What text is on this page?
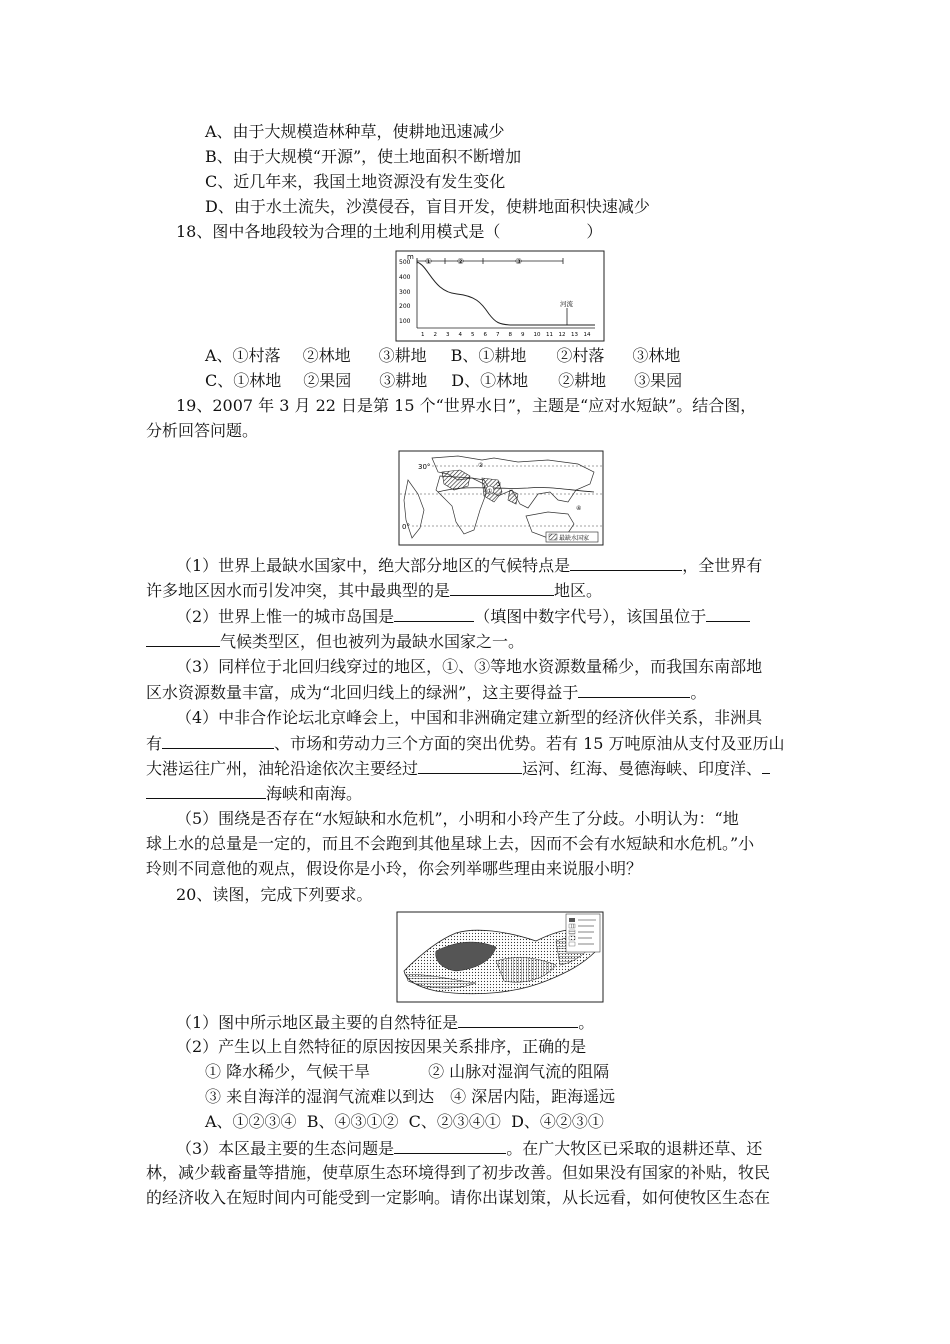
A、由于大规模造林种草，使耕地迅速减少
B、由于大规模“开源”，使土地面积不断增加
C、近几年来，我国土地资源没有发生变化
D、由于水土流失，沙漠侵吞，盲目开发，使耕地面积快速减少
18、图中各地段较为合理的土地利用模式是（	）
m
500
400
300
200
100
1 2 3 4 5 6 7 8 9 10 11 12 13 14
①	②	③
河流
A、①村落 ②林地 ③耕地 B、①耕地 ②村落 ③林地
C、①林地 ②果园 ③耕地 D、①林地 ②耕地 ③果园
19、2007 年 3 月 22 日是第 15 个“世界水日”，主题是“应对水短缺”。结合图，
分析回答问题。
30°
0°
①
②
③
④
最缺水国家
（1）世界上最缺水国家中，绝大部分地区的气候特点是	，全世界有
许多地区因水而引发冲突，其中最典型的是	地区。
（2）世界上惟一的城市岛国是	（填图中数字代号），该国虽位于
气候类型区，但也被列为最缺水国家之一。
（3）同样位于北回归线穿过的地区，①、③等地水资源数量稀少，而我国东南部地
区水资源数量丰富，成为“北回归线上的绿洲”，这主要得益于	。
（4）中非合作论坛北京峰会上，中国和非洲确定建立新型的经济伙伴关系，非洲具
有	、市场和劳动力三个方面的突出优势。若有 15 万吨原油从支付及亚历山
大港运往广州，油轮沿途依次主要经过	运河、红海、曼德海峡、印度洋、
海峡和南海。
（5）围绕是否存在“水短缺和水危机”，小明和小玲产生了分歧。小明认为：“地
球上水的总量是一定的，而且不会跑到其他星球上去，因而不会有水短缺和水危机。”小
玲则不同意他的观点，假设你是小玲，你会列举哪些理由来说服小明？
20、读图，完成下列要求。
（1）图中所示地区最主要的自然特征是	。
（2）产生以上自然特征的原因按因果关系排序，正确的是
① 降水稀少，气候干旱	② 山脉对湿润气流的阻隔
③ 来自海洋的湿润气流难以到达 ④ 深居内陆，距海遥远
A、①②③④  B、④③①②  C、②③④①  D、④②③①
（3）本区最主要的生态问题是	。在广大牧区已采取的退耕还草、还
林，减少载畜量等措施，使草原生态环境得到了初步改善。但如果没有国家的补贴，牧民
的经济收入在短时间内可能受到一定影响。请你出谋划策，从长远看，如何使牧区生态在
